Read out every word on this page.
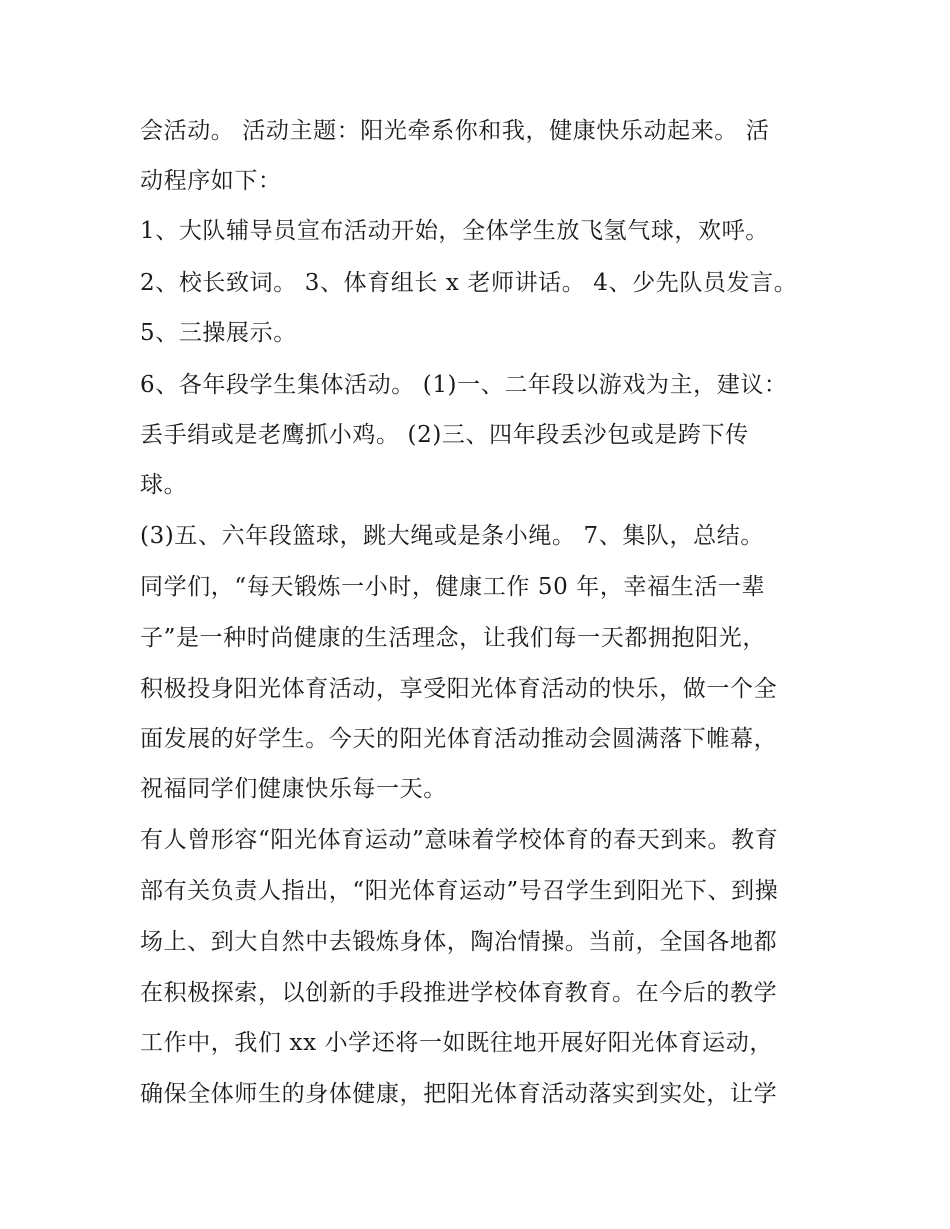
会活动。 活动主题：阳光牵系你和我，健康快乐动起来。 活
动程序如下：
1、大队辅导员宣布活动开始，全体学生放飞氢气球，欢呼。
2、校长致词。 3、体育组长 x 老师讲话。 4、少先队员发言。
5、三操展示。
6、各年段学生集体活动。 (1)一、二年段以游戏为主，建议：
丢手绢或是老鹰抓小鸡。 (2)三、四年段丢沙包或是跨下传
球。
(3)五、六年段篮球，跳大绳或是条小绳。 7、集队，总结。
同学们，“每天锻炼一小时，健康工作 50 年，幸福生活一辈
子”是一种时尚健康的生活理念，让我们每一天都拥抱阳光，
积极投身阳光体育活动，享受阳光体育活动的快乐，做一个全
面发展的好学生。今天的阳光体育活动推动会圆满落下帷幕，
祝福同学们健康快乐每一天。
有人曾形容“阳光体育运动”意味着学校体育的春天到来。教育
部有关负责人指出，“阳光体育运动”号召学生到阳光下、到操
场上、到大自然中去锻炼身体，陶冶情操。当前，全国各地都
在积极探索，以创新的手段推进学校体育教育。在今后的教学
工作中，我们 xx 小学还将一如既往地开展好阳光体育运动，
确保全体师生的身体健康，把阳光体育活动落实到实处，让学
